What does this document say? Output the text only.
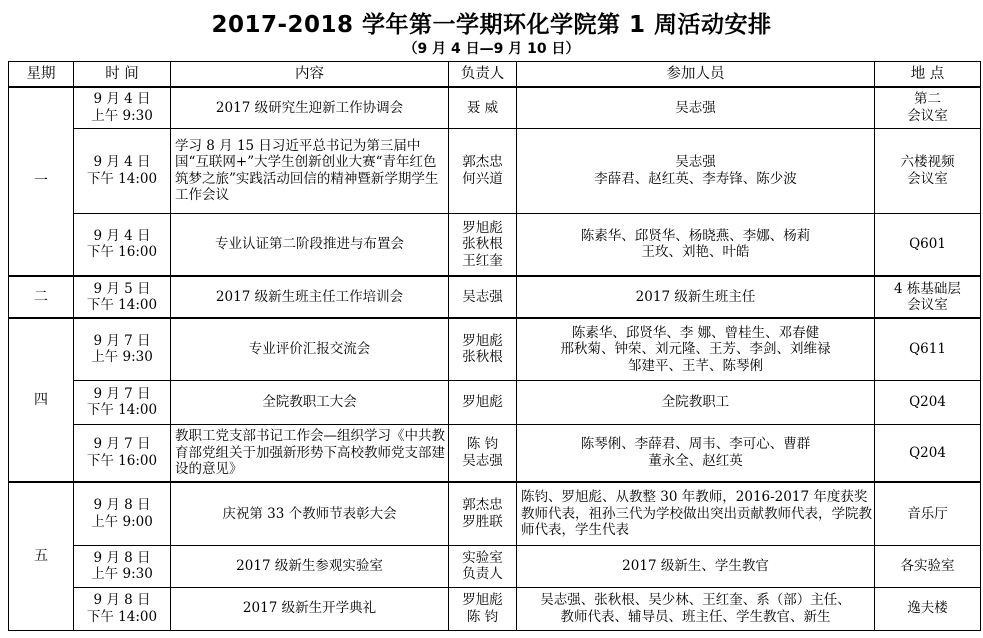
2017-2018 学年第一学期环化学院第 1 周活动安排
（9 月 4 日—9 月 10 日）
星期	时 间	内容	负责人	参加人员	地 点
一	9 月 4 日
上午 9:30	2017 级研究生迎新工作协调会	聂 威	吴志强	第二
会议室

	9 月 4 日
下午 14:00	学习 8 月 15 日习近平总书记为第三届中国“互联网+”大学生创新创业大赛“青年红色筑梦之旅”实践活动回信的精神暨新学期学生工作会议	郭杰忠
何兴道	吴志强
李薛君、赵红英、李寿锋、陈少波	六楼视频
会议室

	9 月 4 日
下午 16:00	专业认证第二阶段推进与布置会	罗旭彪
张秋根
王红奎	陈素华、邱贤华、杨晓燕、李娜、杨莉
王玫、刘艳、叶皓	Q601

二	9 月 5 日
下午 14:00	2017 级新生班主任工作培训会	吴志强	2017 级新生班主任	4 栋基础层
会议室

四	9 月 7 日
上午 9:30	专业评价汇报交流会	罗旭彪
张秋根	陈素华、邱贤华、李 娜、曾桂生、邓春健
邢秋菊、钟荣、刘元隆、王芳、李剑、刘维禄
邹建平、王芊、陈琴俐	Q611

	9 月 7 日
下午 14:00	全院教职工大会	罗旭彪	全院教职工	Q204

	9 月 7 日
下午 16:00	教职工党支部书记工作会—组织学习《中共教育部党组关于加强新形势下高校教师党支部建设的意见》	陈 钧
吴志强	陈琴俐、李薛君、周韦、李可心、曹群
董永全、赵红英	Q204

五	9 月 8 日
上午 9:00	庆祝第 33 个教师节表彰大会	郭杰忠
罗胜联	陈钧、罗旭彪、从教整 30 年教师，2016-2017 年度获奖教师代表，祖孙三代为学校做出突出贡献教师代表，学院教师代表，学生代表	音乐厅

	9 月 8 日
上午 9:30	2017 级新生参观实验室	实验室
负责人	2017 级新生、学生教官	各实验室

	9 月 8 日
下午 14:00	2017 级新生开学典礼	罗旭彪
陈 钧	吴志强、张秋根、吴少林、王红奎、系（部）主任、
教师代表、辅导员、班主任、学生教官、新生	逸夫楼
